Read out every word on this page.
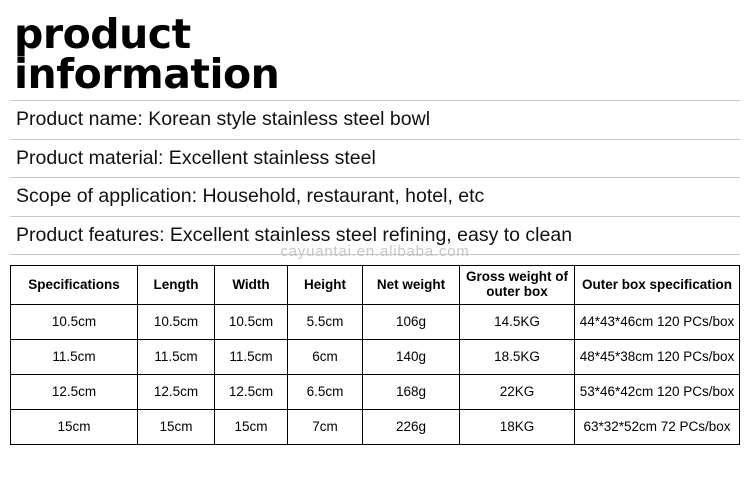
product
information
Product name: Korean style stainless steel bowl
Product material: Excellent stainless steel
Scope of application: Household, restaurant, hotel, etc
Product features: Excellent stainless steel refining, easy to clean
cayuantai.en.alibaba.com
Specifications	Length	Width	Height	Net weight	Gross weight of outer box	Outer box specification
10.5cm	10.5cm	10.5cm	5.5cm	106g	14.5KG	44*43*46cm 120 PCs/box
11.5cm	11.5cm	11.5cm	6cm	140g	18.5KG	48*45*38cm 120 PCs/box
12.5cm	12.5cm	12.5cm	6.5cm	168g	22KG	53*46*42cm 120 PCs/box
15cm	15cm	15cm	7cm	226g	18KG	63*32*52cm 72 PCs/box
